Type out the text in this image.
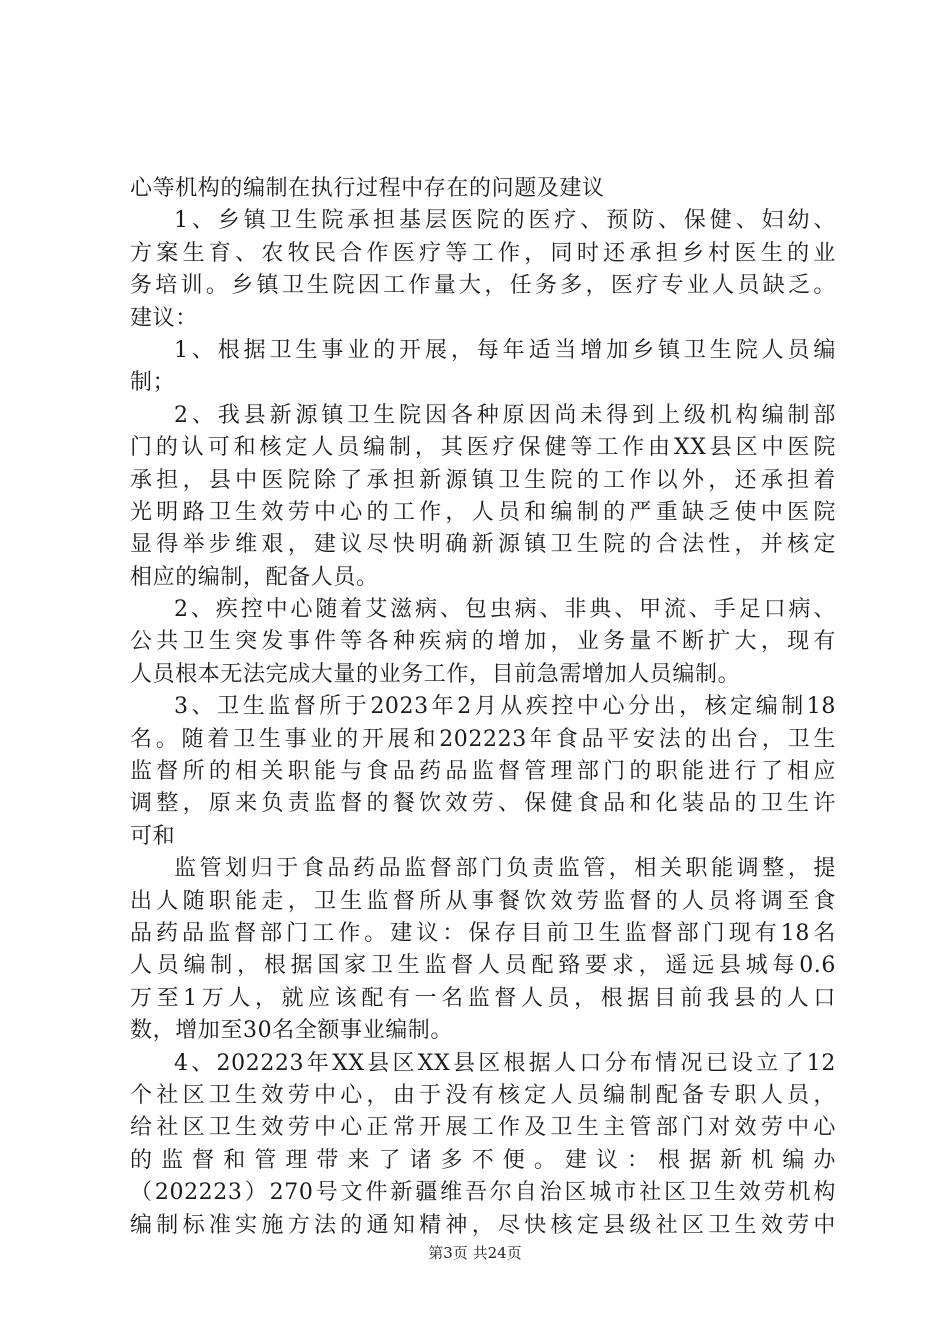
心等机构的编制在执行过程中存在的问题及建议
1、乡镇卫生院承担基层医院的医疗、预防、保健、妇幼、
方案生育、农牧民合作医疗等工作，同时还承担乡村医生的业
务培训。乡镇卫生院因工作量大，任务多，医疗专业人员缺乏。
建议：
1、根据卫生事业的开展，每年适当增加乡镇卫生院人员编
制；
2、我县新源镇卫生院因各种原因尚未得到上级机构编制部
门的认可和核定人员编制，其医疗保健等工作由XX县区中医院
承担，县中医院除了承担新源镇卫生院的工作以外，还承担着
光明路卫生效劳中心的工作，人员和编制的严重缺乏使中医院
显得举步维艰，建议尽快明确新源镇卫生院的合法性，并核定
相应的编制，配备人员。
2、疾控中心随着艾滋病、包虫病、非典、甲流、手足口病、
公共卫生突发事件等各种疾病的增加，业务量不断扩大，现有
人员根本无法完成大量的业务工作，目前急需增加人员编制。
3、卫生监督所于2023年2月从疾控中心分出，核定编制18
名。随着卫生事业的开展和202223年食品平安法的出台，卫生
监督所的相关职能与食品药品监督管理部门的职能进行了相应
调整，原来负责监督的餐饮效劳、保健食品和化装品的卫生许
可和
监管划归于食品药品监督部门负责监管，相关职能调整，提
出人随职能走，卫生监督所从事餐饮效劳监督的人员将调至食
品药品监督部门工作。建议：保存目前卫生监督部门现有18名
人员编制，根据国家卫生监督人员配臵要求，遥远县城每0.6
万至1万人，就应该配有一名监督人员，根据目前我县的人口
数，增加至30名全额事业编制。
4、202223年XX县区XX县区根据人口分布情况已设立了12
个社区卫生效劳中心，由于没有核定人员编制配备专职人员，
给社区卫生效劳中心正常开展工作及卫生主管部门对效劳中心
的监督和管理带来了诸多不便。建议：根据新机编办
（202223）270号文件新疆维吾尔自治区城市社区卫生效劳机构
编制标准实施方法的通知精神，尽快核定县级社区卫生效劳中
第3页 共24页
